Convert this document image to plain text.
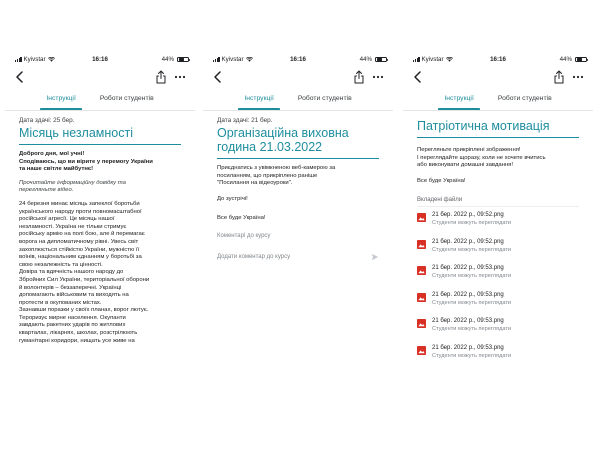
Kyivstar	16:16	44%
Інструкції	Роботи студентів
Дата здачі: 25 бер.
Місяць незламності
Доброго дня, мої учні!
Сподіваюсь, що ви вірите у перемогу України
та наше світле майбутнє!
Прочитайте інформаційну довідку та
перегляньте відео.
24 березня минає місяць запеклої боротьби
українського народу проти повномасштабної
російської агресії. Це місяць нашої
незламності. Україна не тільки стримує
російську армію на полі бою, але й перемагає
ворога на дипломатичному рівні. Увесь світ
захоплюється стійкістю України, мужністю її
воїнів, національним єднанням у боротьбі за
свою незалежність та цінності.
Довіра та вдячність нашого народу до
Збройних Сил України, територіальної оборони
й волонтерів – беззаперечні. Українці
допомагають військовим та виходять на
протести в окупованих містах.
Зазнавши поразки у своїх планах, ворог лютує.
Тероризує мирне населення. Окупанти
завдають ракетних ударів по житлових
кварталах, лікарнях, школах, розстрілюють
гуманітарні коридори, нищать усе живе на
Kyivstar	16:16	44%
Інструкції	Роботи студентів
Дата здачі: 21 бер.
Організаційна виховна
година 21.03.2022
Приєднатись з увімкненою веб-камерою за
посиланням, що прикріплено раніше
"Посилання на відеоуроки".
До зустрічі!
Все буде Україна!
Коментарі до курсу
Додати коментар до курсу
Kyivstar	16:16	44%
Інструкції	Роботи студентів
Патріотична мотивація
Перегляньте прикріплені зображення!
І переглядайте щоразу, коли не хочете вчитись
або виконувати домашні завдання!
Все буде Україна!
Вкладені файли
21 бер. 2022 р., 09:52.png
Студенти можуть переглядати
21 бер. 2022 р., 09:52.png
Студенти можуть переглядати
21 бер. 2022 р., 09:53.png
Студенти можуть переглядати
21 бер. 2022 р., 09:53.png
Студенти можуть переглядати
21 бер. 2022 р., 09:53.png
Студенти можуть переглядати
21 бер. 2022 р., 09:53.png
Студенти можуть переглядати
